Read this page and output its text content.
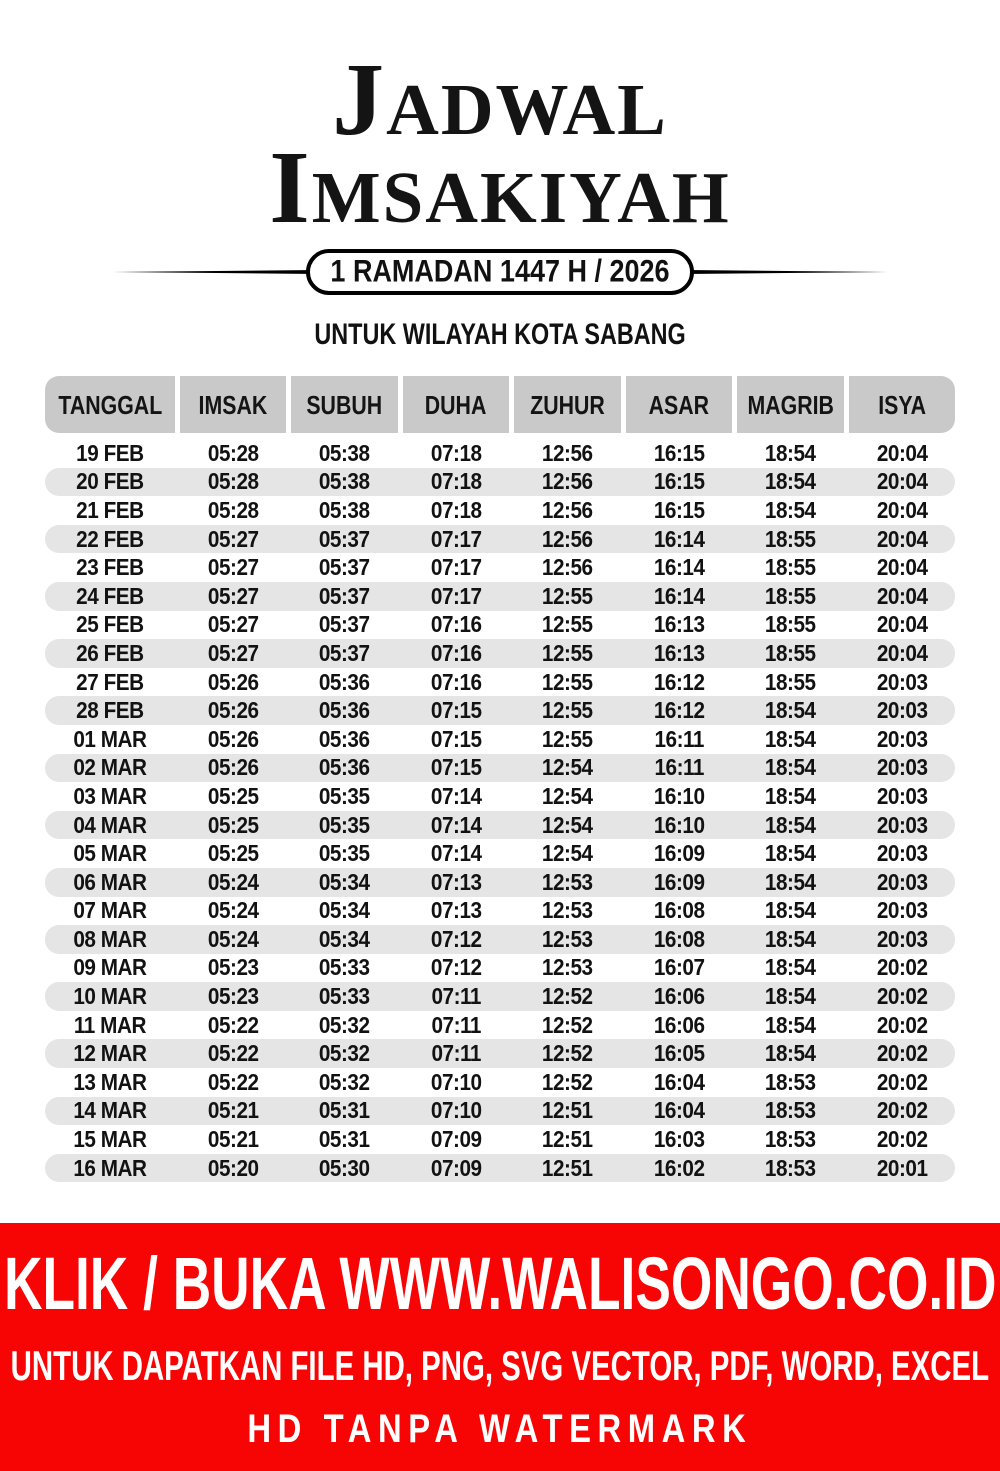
Jadwal
Imsakiyah
1 RAMADAN 1447 H / 2026
UNTUK WILAYAH KOTA SABANG
TANGGAL IMSAK SUBUH DUHA ZUHUR ASAR MAGRIB ISYA
19 FEB	05:28	05:38	07:18	12:56	16:15	18:54	20:04
20 FEB	05:28	05:38	07:18	12:56	16:15	18:54	20:04
21 FEB	05:28	05:38	07:18	12:56	16:15	18:54	20:04
22 FEB	05:27	05:37	07:17	12:56	16:14	18:55	20:04
23 FEB	05:27	05:37	07:17	12:56	16:14	18:55	20:04
24 FEB	05:27	05:37	07:17	12:55	16:14	18:55	20:04
25 FEB	05:27	05:37	07:16	12:55	16:13	18:55	20:04
26 FEB	05:27	05:37	07:16	12:55	16:13	18:55	20:04
27 FEB	05:26	05:36	07:16	12:55	16:12	18:55	20:03
28 FEB	05:26	05:36	07:15	12:55	16:12	18:54	20:03
01 MAR	05:26	05:36	07:15	12:55	16:11	18:54	20:03
02 MAR	05:26	05:36	07:15	12:54	16:11	18:54	20:03
03 MAR	05:25	05:35	07:14	12:54	16:10	18:54	20:03
04 MAR	05:25	05:35	07:14	12:54	16:10	18:54	20:03
05 MAR	05:25	05:35	07:14	12:54	16:09	18:54	20:03
06 MAR	05:24	05:34	07:13	12:53	16:09	18:54	20:03
07 MAR	05:24	05:34	07:13	12:53	16:08	18:54	20:03
08 MAR	05:24	05:34	07:12	12:53	16:08	18:54	20:03
09 MAR	05:23	05:33	07:12	12:53	16:07	18:54	20:02
10 MAR	05:23	05:33	07:11	12:52	16:06	18:54	20:02
11 MAR	05:22	05:32	07:11	12:52	16:06	18:54	20:02
12 MAR	05:22	05:32	07:11	12:52	16:05	18:54	20:02
13 MAR	05:22	05:32	07:10	12:52	16:04	18:53	20:02
14 MAR	05:21	05:31	07:10	12:51	16:04	18:53	20:02
15 MAR	05:21	05:31	07:09	12:51	16:03	18:53	20:02
16 MAR	05:20	05:30	07:09	12:51	16:02	18:53	20:01
KLIK / BUKA WWW.WALISONGO.CO.ID
UNTUK DAPATKAN FILE HD, PNG, SVG VECTOR, PDF, WORD, EXCEL
HD TANPA WATERMARK
